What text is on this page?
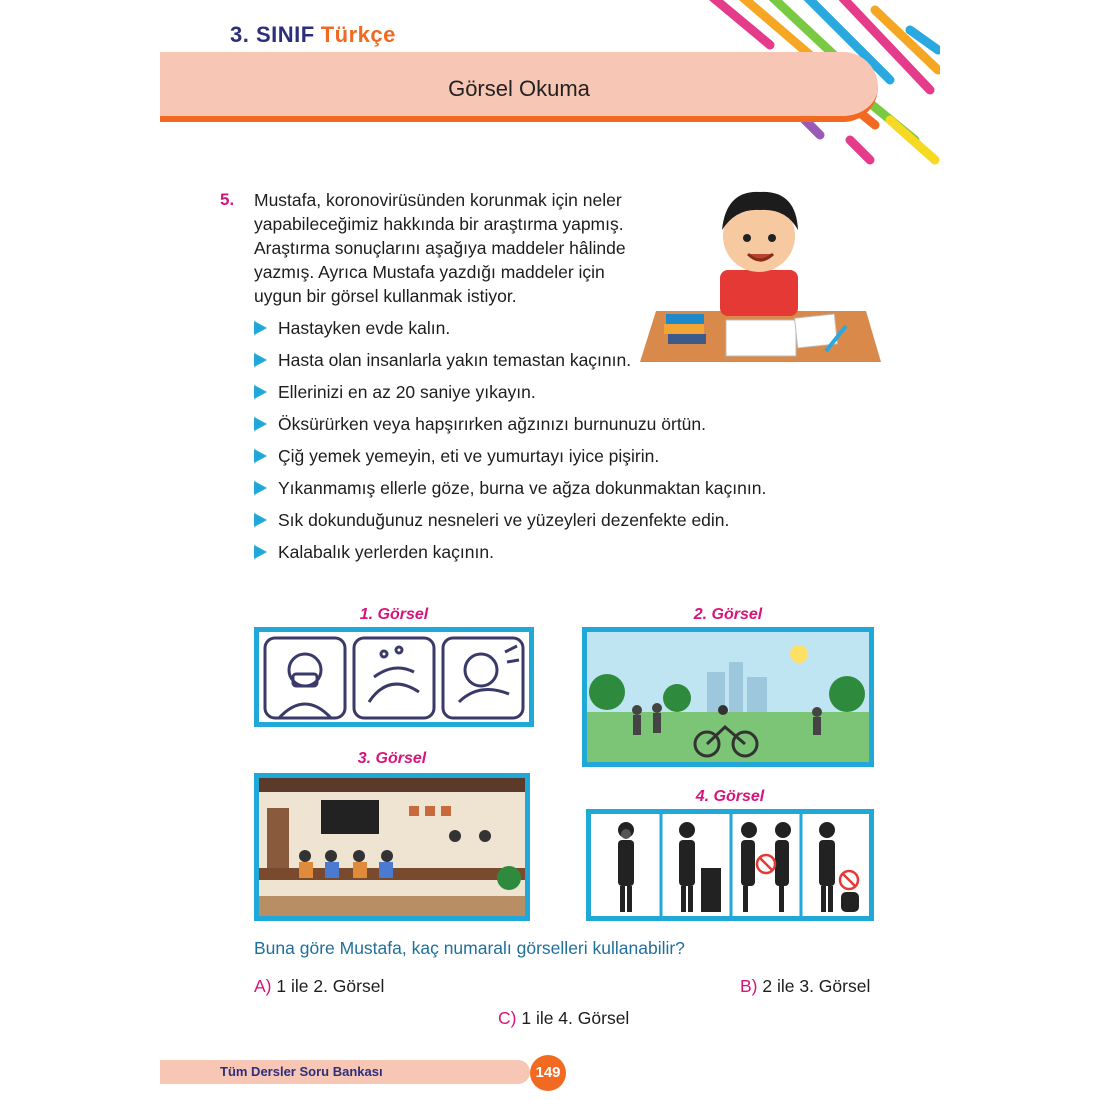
3. SINIF Türkçe
Görsel Okuma
5. Mustafa, koronovirüsünden korunmak için neler yapabileceğimiz hakkında bir araştırma yapmış. Araştırma sonuçlarını aşağıya maddeler hâlinde yazmış. Ayrıca Mustafa yazdığı maddeler için uygun bir görsel kullanmak istiyor.
Hastayken evde kalın.
Hasta olan insanlarla yakın temastan kaçının.
Ellerinizi en az 20 saniye yıkayın.
Öksürürken veya hapşırırken ağzınızı burnunuzu örtün.
Çiğ yemek yemeyin, eti ve yumurtayı iyice pişirin.
Yıkanmamış ellerle göze, burna ve ağza dokunmaktan kaçının.
Sık dokunduğunuz nesneleri ve yüzeyleri dezenfekte edin.
Kalabalık yerlerden kaçının.
1. Görsel	2. Görsel
3. Görsel
4. Görsel
Buna göre Mustafa, kaç numaralı görselleri kullanabilir?
A) 1 ile 2. Görsel	B) 2 ile 3. Görsel
C) 1 ile 4. Görsel
Tüm Dersler Soru Bankası	149
